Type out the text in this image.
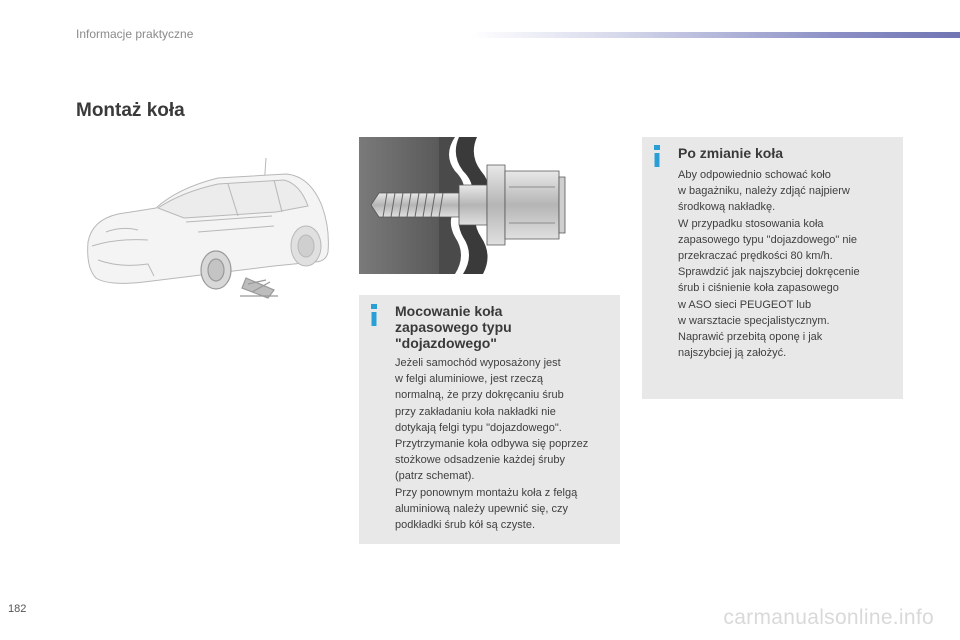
Informacje praktyczne
Montaż koła
Mocowanie koła
zapasowego typu
"dojazdowego"
Jeżeli samochód wyposażony jest
w felgi aluminiowe, jest rzeczą
normalną, że przy dokręcaniu śrub
przy zakładaniu koła nakładki nie
dotykają felgi typu "dojazdowego".
Przytrzymanie koła odbywa się poprzez
stożkowe odsadzenie każdej śruby
(patrz schemat).
Przy ponownym montażu koła z felgą
aluminiową należy upewnić się, czy
podkładki śrub kół są czyste.
Po zmianie koła
Aby odpowiednio schować koło
w bagażniku, należy zdjąć najpierw
środkową nakładkę.
W przypadku stosowania koła
zapasowego typu "dojazdowego" nie
przekraczać prędkości 80 km/h.
Sprawdzić jak najszybciej dokręcenie
śrub i ciśnienie koła zapasowego
w ASO sieci PEUGEOT lub
w warsztacie specjalistycznym.
Naprawić przebitą oponę i jak
najszybciej ją założyć.
182	carmanualsonline.info
